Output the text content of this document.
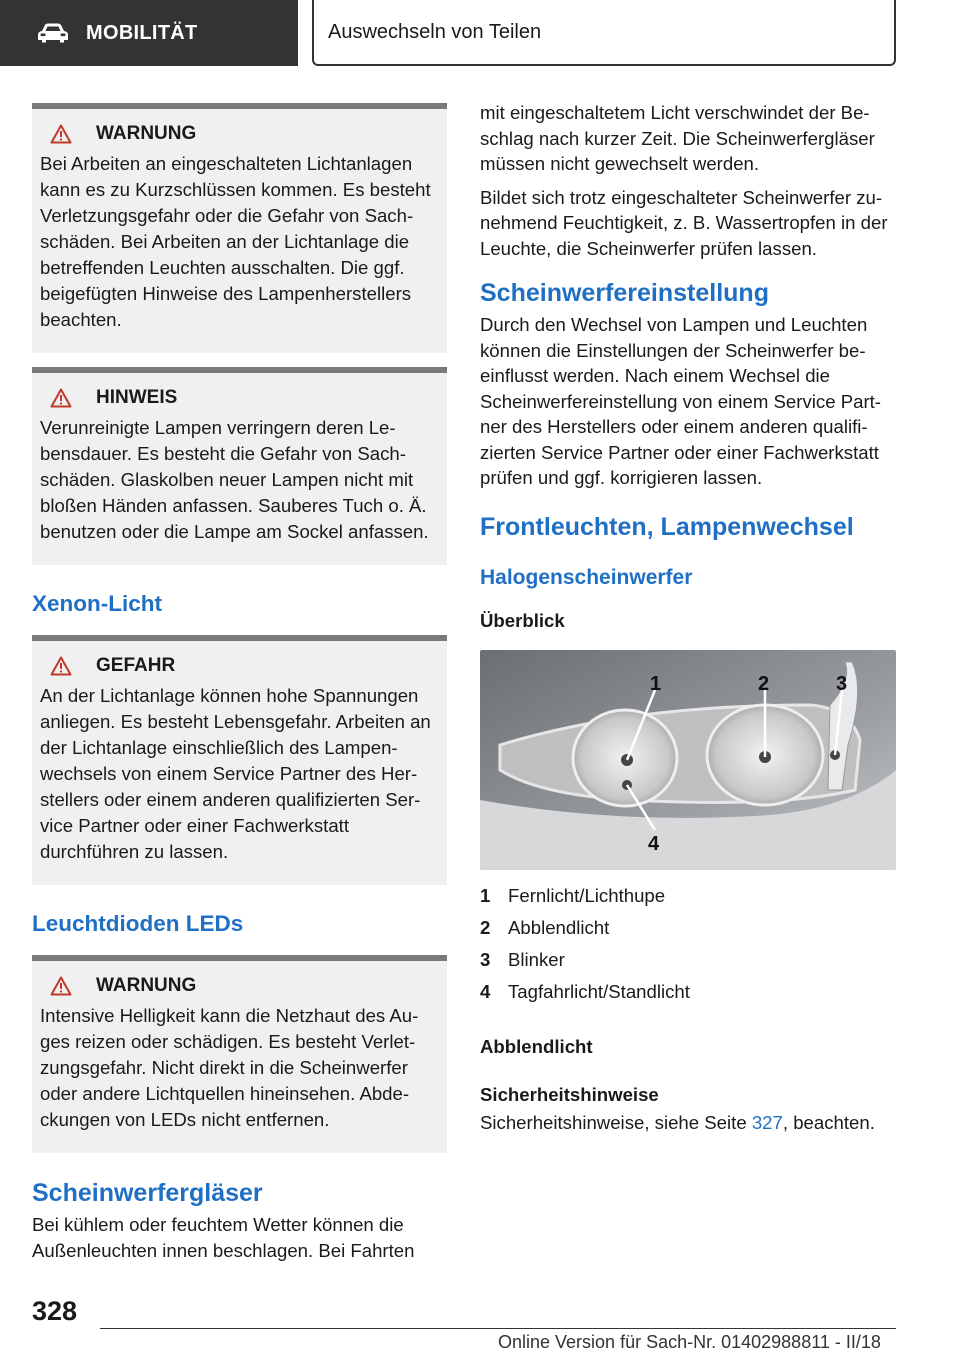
MOBILITÄT	Auswechseln von Teilen
WARNUNG
Bei Arbeiten an eingeschalteten Lichtanlagen kann es zu Kurzschlüssen kommen. Es besteht Verletzungsgefahr oder die Gefahr von Sach-schäden. Bei Arbeiten an der Lichtanlage die betreffenden Leuchten ausschalten. Die ggf. beigefügten Hinweise des Lampenherstellers beachten.
HINWEIS
Verunreinigte Lampen verringern deren Le-bensdauer. Es besteht die Gefahr von Sach-schäden. Glaskolben neuer Lampen nicht mit bloßen Händen anfassen. Sauberes Tuch o. Ä. benutzen oder die Lampe am Sockel anfassen.
Xenon-Licht
GEFAHR
An der Lichtanlage können hohe Spannungen anliegen. Es besteht Lebensgefahr. Arbeiten an der Lichtanlage einschließlich des Lampen-wechsels von einem Service Partner des Her-stellers oder einem anderen qualifizierten Ser-vice Partner oder einer Fachwerkstatt durchführen zu lassen.
Leuchtdioden LEDs
WARNUNG
Intensive Helligkeit kann die Netzhaut des Au-ges reizen oder schädigen. Es besteht Verlet-zungsgefahr. Nicht direkt in die Scheinwerfer oder andere Lichtquellen hineinsehen. Abde-ckungen von LEDs nicht entfernen.
Scheinwerfergläser
Bei kühlem oder feuchtem Wetter können die Außenleuchten innen beschlagen. Bei Fahrten
mit eingeschaltetem Licht verschwindet der Be-schlag nach kurzer Zeit. Die Scheinwerfergläser müssen nicht gewechselt werden.
Bildet sich trotz eingeschalteter Scheinwerfer zu-nehmend Feuchtigkeit, z. B. Wassertropfen in der Leuchte, die Scheinwerfer prüfen lassen.
Scheinwerfereinstellung
Durch den Wechsel von Lampen und Leuchten können die Einstellungen der Scheinwerfer be-einflusst werden. Nach einem Wechsel die Scheinwerfereinstellung von einem Service Part-ner des Herstellers oder einem anderen qualifi-zierten Service Partner oder einer Fachwerkstatt prüfen und ggf. korrigieren lassen.
Frontleuchten, Lampenwechsel
Halogenscheinwerfer
Überblick
1	2	3
4
1 Fernlicht/Lichthupe
2 Abblendlicht
3 Blinker
4 Tagfahrlicht/Standlicht
Abblendlicht
Sicherheitshinweise
Sicherheitshinweise, siehe Seite 327, beachten.
328
Online Version für Sach-Nr. 01402988811 - II/18
